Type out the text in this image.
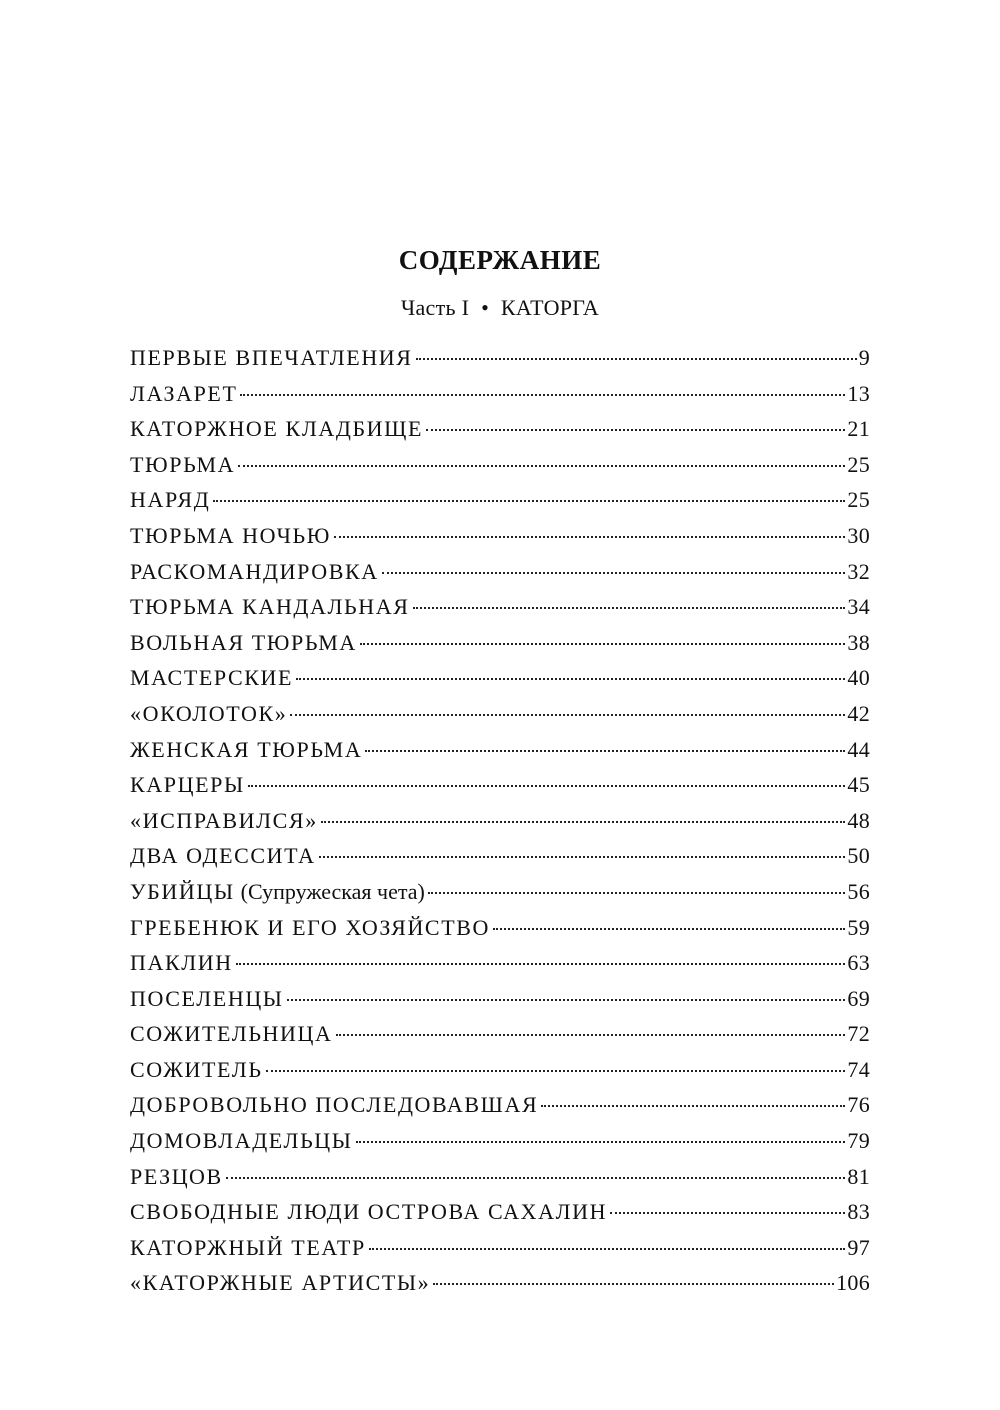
СОДЕРЖАНИЕ
Часть I • КАТОРГА
ПЕРВЫЕ ВПЕЧАТЛЕНИЯ	9
ЛАЗАРЕТ	13
КАТОРЖНОЕ КЛАДБИЩЕ	21
ТЮРЬМА	25
НАРЯД	25
ТЮРЬМА НОЧЬЮ	30
РАСКОМАНДИРОВКА	32
ТЮРЬМА КАНДАЛЬНАЯ	34
ВОЛЬНАЯ ТЮРЬМА	38
МАСТЕРСКИЕ	40
«ОКОЛОТОК»	42
ЖЕНСКАЯ ТЮРЬМА	44
КАРЦЕРЫ	45
«ИСПРАВИЛСЯ»	48
ДВА ОДЕССИТА	50
УБИЙЦЫ (Супружеская чета)	56
ГРЕБЕНЮК И ЕГО ХОЗЯЙСТВО	59
ПАКЛИН	63
ПОСЕЛЕНЦЫ	69
СОЖИТЕЛЬНИЦА	72
СОЖИТЕЛЬ	74
ДОБРОВОЛЬНО ПОСЛЕДОВАВШАЯ	76
ДОМОВЛАДЕЛЬЦЫ	79
РЕЗЦОВ	81
СВОБОДНЫЕ ЛЮДИ ОСТРОВА САХАЛИН	83
КАТОРЖНЫЙ ТЕАТР	97
«КАТОРЖНЫЕ АРТИСТЫ»	106
